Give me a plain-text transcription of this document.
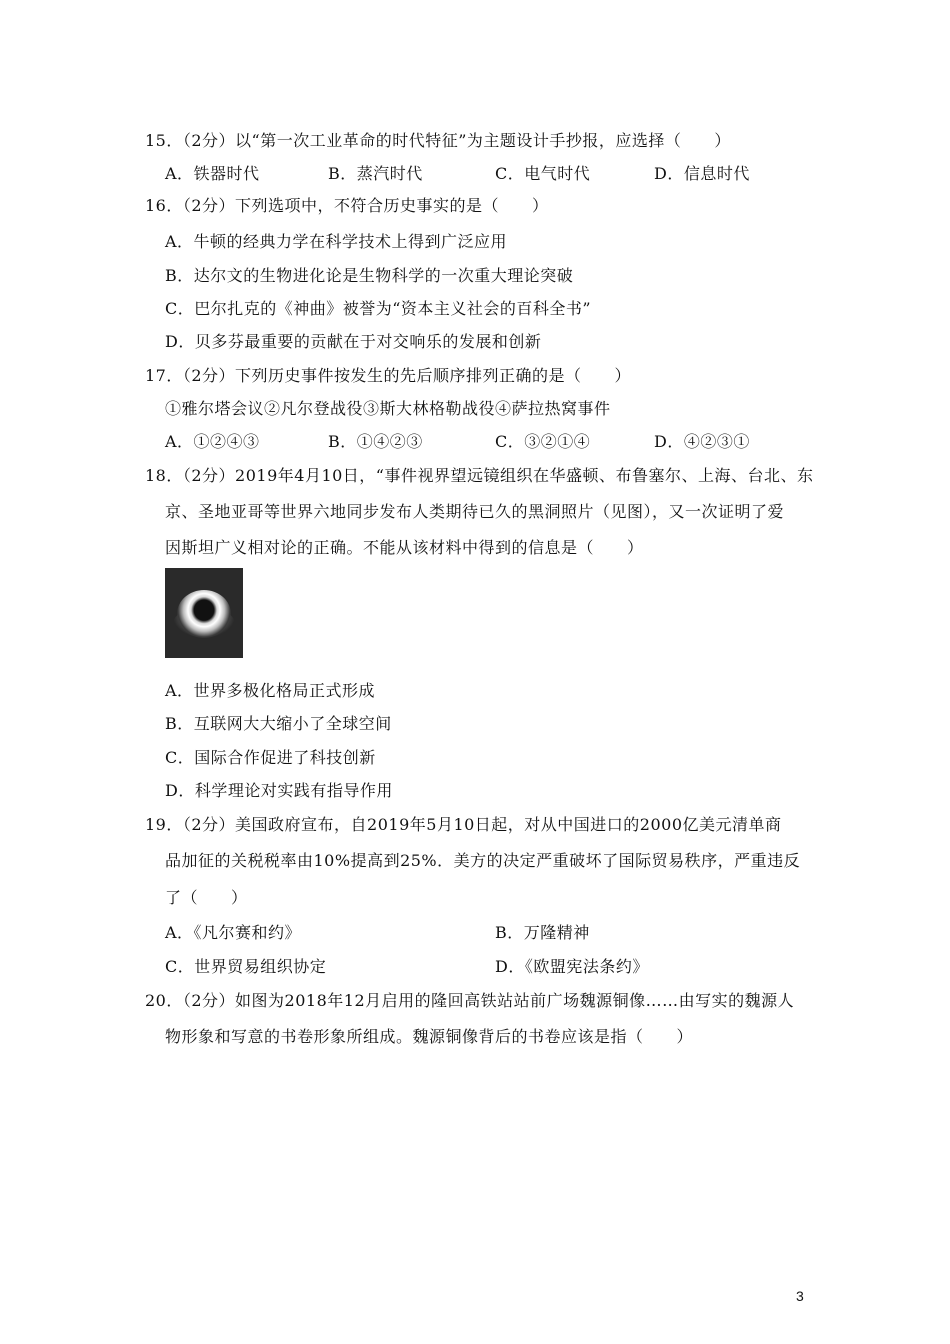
15．（2分）以“第一次工业革命的时代特征”为主题设计手抄报，应选择（　　）
A．铁器时代	B．蒸汽时代	C．电气时代	D．信息时代
16．（2分）下列选项中，不符合历史事实的是（　　）
A．牛顿的经典力学在科学技术上得到广泛应用
B．达尔文的生物进化论是生物科学的一次重大理论突破
C．巴尔扎克的《神曲》被誉为“资本主义社会的百科全书”
D．贝多芬最重要的贡献在于对交响乐的发展和创新
17．（2分）下列历史事件按发生的先后顺序排列正确的是（　　）
①雅尔塔会议②凡尔登战役③斯大林格勒战役④萨拉热窝事件
A．①②④③	B．①④②③	C．③②①④	D．④②③①
18．（2分）2019年4月10日，“事件视界望远镜组织在华盛顿、布鲁塞尔、上海、台北、东
京、圣地亚哥等世界六地同步发布人类期待已久的黑洞照片（见图），又一次证明了爱
因斯坦广义相对论的正确。不能从该材料中得到的信息是（　　）
A．世界多极化格局正式形成
B．互联网大大缩小了全球空间
C．国际合作促进了科技创新
D．科学理论对实践有指导作用
19．（2分）美国政府宣布，自2019年5月10日起，对从中国进口的2000亿美元清单商
品加征的关税税率由10%提高到25%．美方的决定严重破坏了国际贸易秩序，严重违反
了（　　）
A．《凡尔赛和约》	B．万隆精神
C．世界贸易组织协定	D．《欧盟宪法条约》
20．（2分）如图为2018年12月启用的隆回高铁站站前广场魏源铜像……由写实的魏源人
物形象和写意的书卷形象所组成。魏源铜像背后的书卷应该是指（　　）
3
